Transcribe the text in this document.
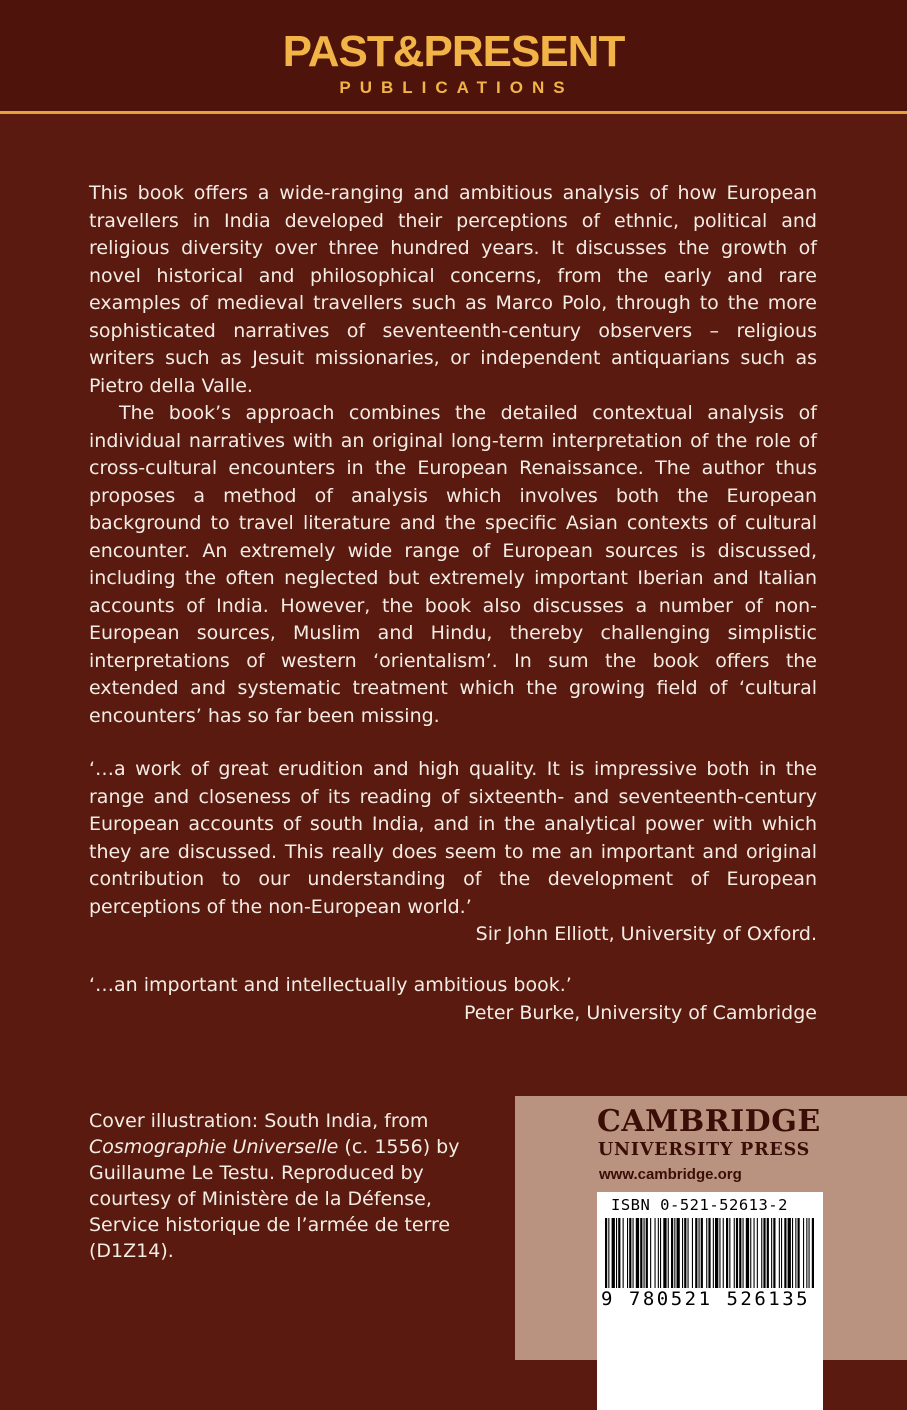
PAST&PRESENT
PUBLICATIONS

This book offers a wide-ranging and ambitious analysis of how European travellers in India developed their perceptions of ethnic, political and religious diversity over three hundred years. It discusses the growth of novel historical and philosophical concerns, from the early and rare examples of medieval travellers such as Marco Polo, through to the more sophisticated narratives of seventeenth-century observers – religious writers such as Jesuit missionaries, or independent antiquarians such as Pietro della Valle.

The book’s approach combines the detailed contextual analysis of individual narratives with an original long-term interpretation of the role of cross-cultural encounters in the European Renaissance. The author thus proposes a method of analysis which involves both the European background to travel literature and the specific Asian contexts of cultural encounter. An extremely wide range of European sources is discussed, including the often neglected but extremely important Iberian and Italian accounts of India. However, the book also discusses a number of non-European sources, Muslim and Hindu, thereby challenging simplistic interpretations of western ‘orientalism’. In sum the book offers the extended and systematic treatment which the growing field of ‘cultural encounters’ has so far been missing.

‘…a work of great erudition and high quality. It is impressive both in the range and closeness of its reading of sixteenth- and seventeenth-century European accounts of south India, and in the analytical power with which they are discussed. This really does seem to me an important and original contribution to our understanding of the development of European perceptions of the non-European world.’

Sir John Elliott, University of Oxford.
‘…an important and intellectually ambitious book.’
Peter Burke, University of Cambridge
Cover illustration: South India, from Cosmographie Universelle (c. 1556) by Guillaume Le Testu. Reproduced by courtesy of Ministère de la Défense, Service historique de l’armée de terre (D1Z14).
CAMBRIDGE
UNIVERSITY PRESS
www.cambridge.org
ISBN 0-521-52613-2
9 780521 526135
